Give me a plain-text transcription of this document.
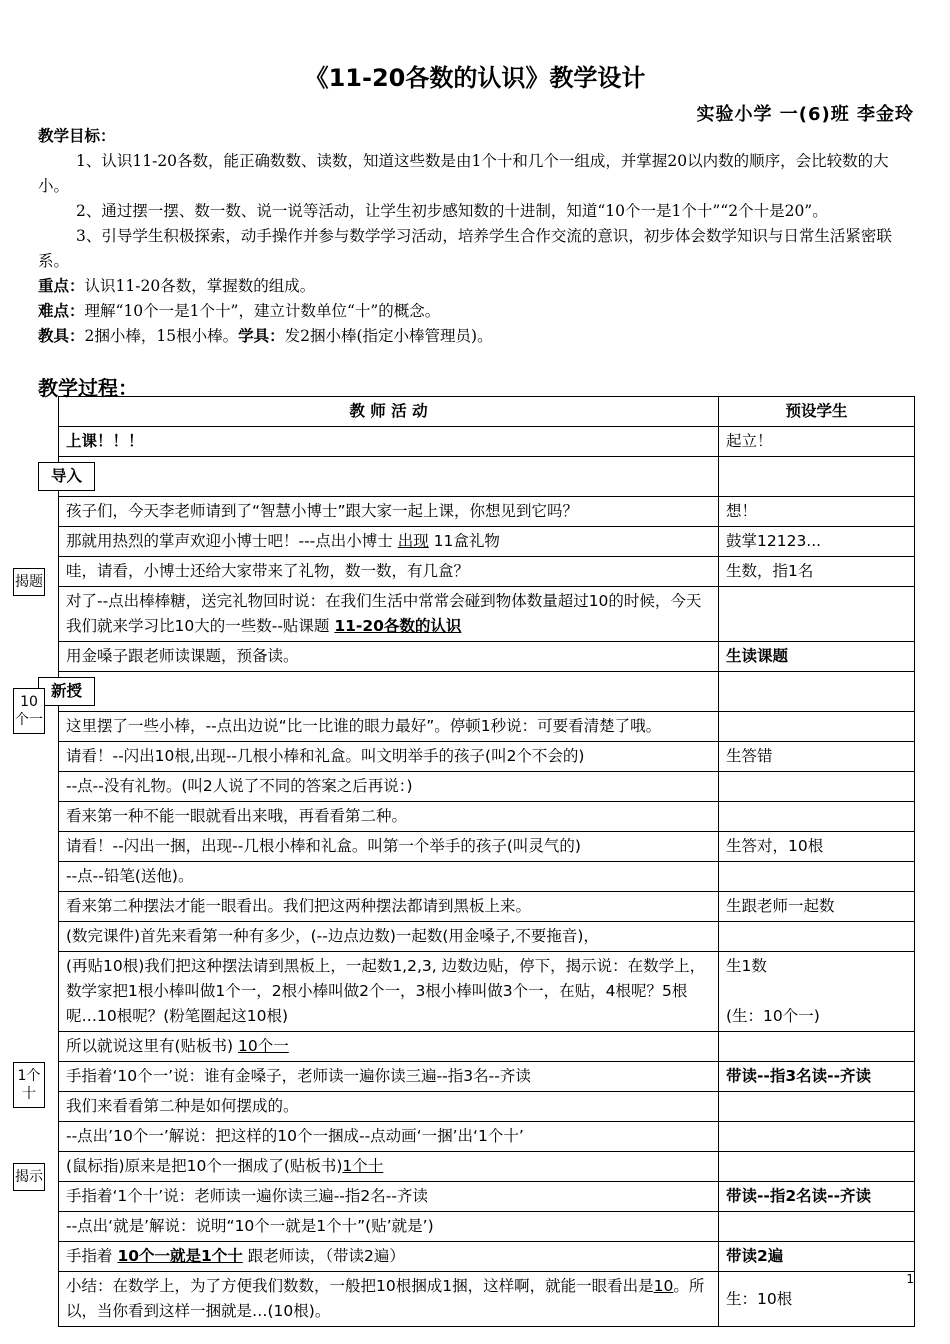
《11-20各数的认识》教学设计
实验小学 一(6)班 李金玲
教学目标：
1、认识11-20各数，能正确数数、读数，知道这些数是由1个十和几个一组成，并掌握20以内数的顺序，会比较数的大小。
2、通过摆一摆、数一数、说一说等活动，让学生初步感知数的十进制，知道“10个一是1个十”“2个十是20”。
3、引导学生积极探索，动手操作并参与数学学习活动，培养学生合作交流的意识，初步体会数学知识与日常生活紧密联系。
重点：认识11-20各数，掌握数的组成。
难点：理解“10个一是1个十”，建立计数单位“十”的概念。
教具：2捆小棒，15根小棒。学具：发2捆小棒(指定小棒管理员)。
教学过程：
教 师 活 动	预设学生
上课！！！	起立！
导入	
孩子们，今天李老师请到了“智慧小博士”跟大家一起上课，你想见到它吗？	想！
那就用热烈的掌声欢迎小博士吧！---点出小博士 出现 11盒礼物	鼓掌12123...
哇，请看，小博士还给大家带来了礼物，数一数，有几盒？	生数，指1名
对了--点出棒棒糖，送完礼物回时说：在我们生活中常常会碰到物体数量超过10的时候，今天我们就来学习比10大的一些数--贴课题 11-20各数的认识	
用金嗓子跟老师读课题，预备读。	生读课题
新授	
这里摆了一些小棒，--点出边说“比一比谁的眼力最好”。停顿1秒说：可要看清楚了哦。	
请看！--闪出10根,出现--几根小棒和礼盒。叫文明举手的孩子(叫2个不会的)	生答错
--点--没有礼物。(叫2人说了不同的答案之后再说：)	
看来第一种不能一眼就看出来哦，再看看第二种。	
请看！--闪出一捆，出现--几根小棒和礼盒。叫第一个举手的孩子(叫灵气的)	生答对，10根
--点--铅笔(送他)。	
看来第二种摆法才能一眼看出。我们把这两种摆法都请到黑板上来。	生跟老师一起数
(数完课件)首先来看第一种有多少，(--边点边数)一起数(用金嗓子,不要拖音)，	
(再贴10根)我们把这种摆法请到黑板上，一起数1,2,3, 边数边贴，停下，揭示说：在数学上，数学家把1根小棒叫做1个一，2根小棒叫做2个一，3根小棒叫做3个一，在贴，4根呢？5根呢…10根呢？(粉笔圈起这10根)	生1数

(生：10个一)
所以就说这里有(贴板书) 10个一	
手指着‘10个一’说：谁有金嗓子，老师读一遍你读三遍--指3名--齐读	带读--指3名读--齐读
我们来看看第二种是如何摆成的。	
--点出’10个一’解说：把这样的10个一捆成--点动画‘一捆’出‘1个十’	
(鼠标指)原来是把10个一捆成了(贴板书)1个十	
手指着‘1个十’说：老师读一遍你读三遍--指2名--齐读	带读--指2名读--齐读
--点出‘就是’解说：说明“10个一就是1个十”(贴’就是’)	
手指着 10个一就是1个十 跟老师读，（带读2遍）	带读2遍
小结：在数学上，为了方便我们数数，一般把10根捆成1捆，这样啊，就能一眼看出是10。所以，当你看到这样一捆就是…(10根)。	生：10根
揭题
10个一
1个十
揭示
1
